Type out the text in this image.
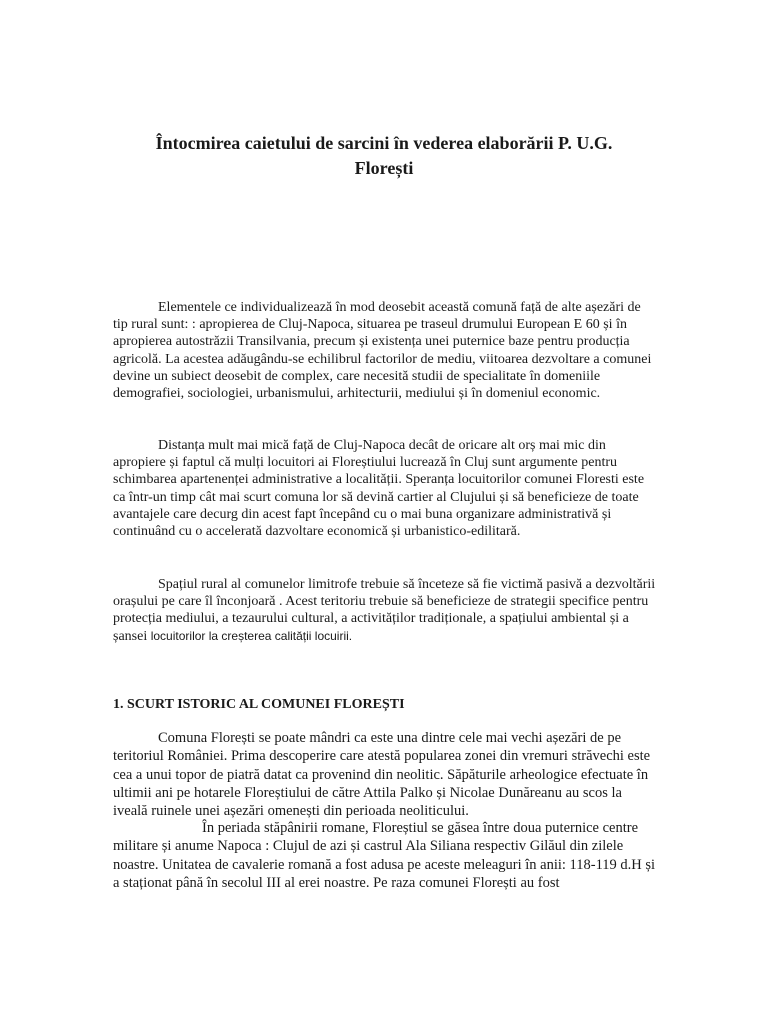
Întocmirea caietului de sarcini în vederea elaborării P. U.G.
Florești
Elementele ce individualizează în mod deosebit această comună față de alte așezări de tip rural sunt: : apropierea de Cluj-Napoca, situarea pe traseul drumului European E 60 și în apropierea autostrăzii Transilvania, precum și existența unei puternice baze pentru producția agricolă. La acestea adăugându-se echilibrul factorilor de mediu, viitoarea dezvoltare a comunei devine un subiect deosebit de complex, care necesită studii de specialitate în domeniile demografiei, sociologiei, urbanismului, arhitecturii, mediului și în domeniul economic.
Distanța mult mai mică față de Cluj-Napoca decât de oricare alt orș mai mic din apropiere și faptul că mulți locuitori ai Floreștiului lucrează în Cluj sunt argumente pentru schimbarea apartenenței administrative a localității. Speranța locuitorilor comunei Floresti este ca într-un timp cât mai scurt comuna lor să devină cartier al Clujului și să beneficieze de toate avantajele care decurg din acest fapt începând cu o mai buna organizare administrativă și continuând cu o accelerată dazvoltare economică și urbanistico-edilitară.
Spațiul rural al comunelor limitrofe trebuie să înceteze să fie victimă pasivă a dezvoltării orașului pe care îl înconjoară . Acest teritoriu trebuie să beneficieze de strategii specifice pentru protecția mediului, a tezaurului cultural, a activităților tradiționale, a spațiului ambiental și a șansei locuitorilor la creșterea calității locuirii.
1. SCURT ISTORIC AL COMUNEI FLOREȘTI
Comuna Florești se poate mândri ca este una dintre cele mai vechi așezări de pe teritoriul României. Prima descoperire care atestă popularea zonei din vremuri străvechi este cea a unui topor de piatră datat ca provenind din neolitic. Săpăturile arheologice efectuate în ultimii ani pe hotarele Floreștiului de către Attila Palko și Nicolae Dunăreanu au scos la iveală ruinele unei așezări omenești din perioada neoliticului.
În periada stăpânirii romane, Floreștiul se găsea între doua puternice centre militare și anume Napoca : Clujul de azi și castrul Ala Siliana respectiv Gilăul din zilele noastre. Unitatea de cavalerie romană a fost adusa pe aceste meleaguri în anii: 118-119 d.H și a staționat până în secolul III al erei noastre. Pe raza comunei Florești au fost
